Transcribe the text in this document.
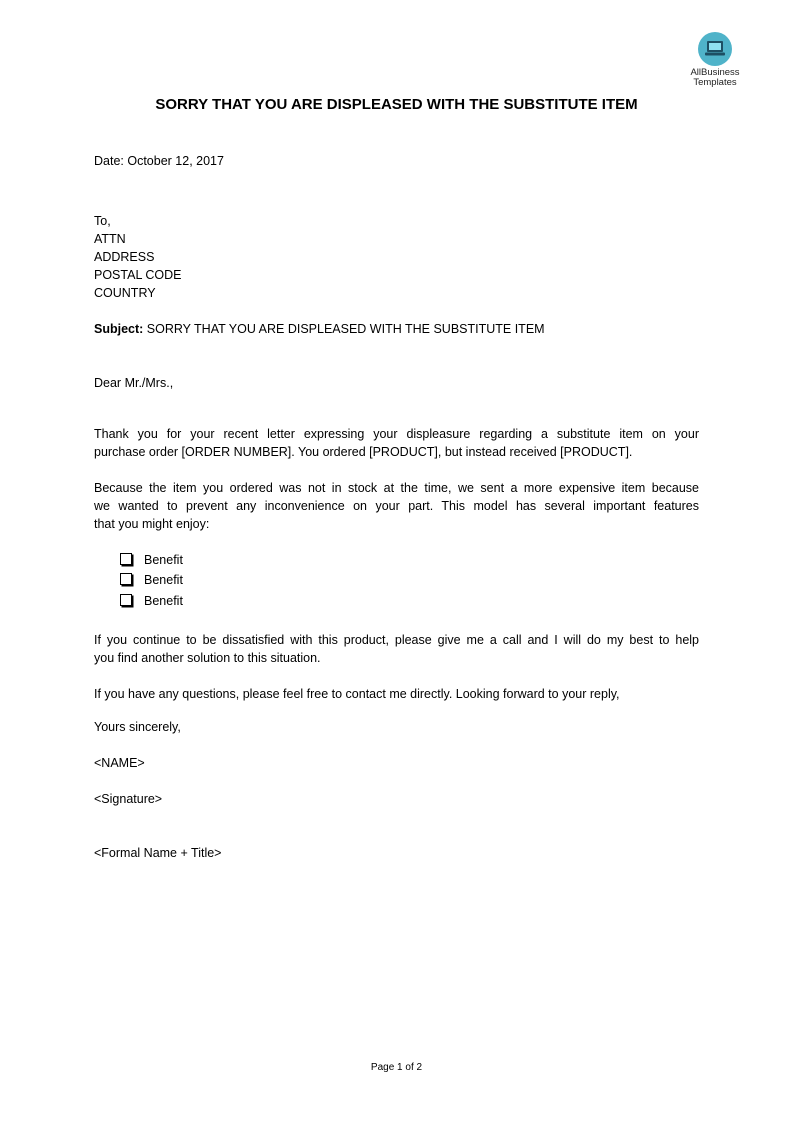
AllBusiness
Templates
SORRY THAT YOU ARE DISPLEASED WITH THE SUBSTITUTE ITEM
Date: October 12, 2017
To,
ATTN
ADDRESS
POSTAL CODE
COUNTRY
Subject: SORRY THAT YOU ARE DISPLEASED WITH THE SUBSTITUTE ITEM
Dear Mr./Mrs.,
Thank you for your recent letter expressing your displeasure regarding a substitute item on your
purchase order [ORDER NUMBER]. You ordered [PRODUCT], but instead received [PRODUCT].
Because the item you ordered was not in stock at the time, we sent a more expensive item because
we wanted to prevent any inconvenience on your part. This model has several important features
that you might enjoy:
Benefit
Benefit
Benefit
If you continue to be dissatisfied with this product, please give me a call and I will do my best to help
you find another solution to this situation.
If you have any questions, please feel free to contact me directly. Looking forward to your reply,
Yours sincerely,
<NAME>
<Signature>
<Formal Name + Title>
Page 1 of 2
